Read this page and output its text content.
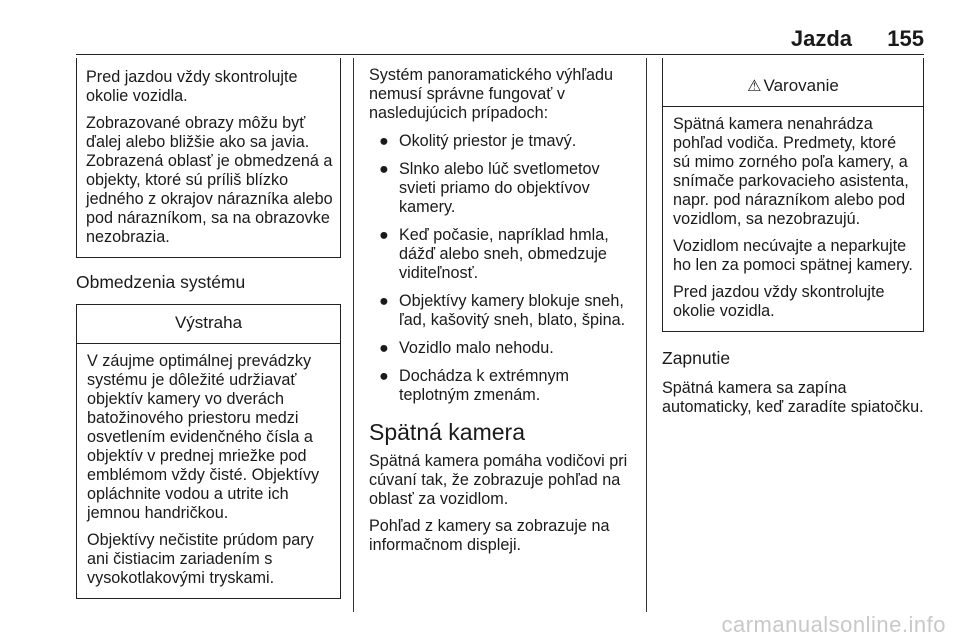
Jazda 155

Pred jazdou vždy skontrolujte okolie vozidla.

Zobrazované obrazy môžu byť ďalej alebo bližšie ako sa javia. Zobrazená oblasť je obmedzená a objekty, ktoré sú príliš blízko jedného z okrajov nárazníka alebo pod nárazníkom, sa na obrazovke nezobrazia.

Obmedzenia systému
Výstraha

V záujme optimálnej prevádzky systému je dôležité udržiavať objektív kamery vo dverách batožinového priestoru medzi osvetlením evidenčného čísla a objektív v prednej mriežke pod emblémom vždy čisté. Objektívy opláchnite vodou a utrite ich jemnou handričkou.

Objektívy nečistite prúdom pary ani čistiacim zariadením s vysokotlakovými tryskami.

Systém panoramatického výhľadu nemusí správne fungovať v nasledujúcich prípadoch:

● Okolitý priestor je tmavý.
● Slnko alebo lúč svetlometov svieti priamo do objektívov kamery.
● Keď počasie, napríklad hmla, dážď alebo sneh, obmedzuje viditeľnosť.
● Objektívy kamery blokuje sneh, ľad, kašovitý sneh, blato, špina.
● Vozidlo malo nehodu.
● Dochádza k extrémnym teplotným zmenám.
Spätná kamera

Spätná kamera pomáha vodičovi pri cúvaní tak, že zobrazuje pohľad na oblasť za vozidlom.

Pohľad z kamery sa zobrazuje na informačnom displeji.

⚠ Varovanie

Spätná kamera nenahrádza pohľad vodiča. Predmety, ktoré sú mimo zorného poľa kamery, a snímače parkovacieho asistenta, napr. pod nárazníkom alebo pod vozidlom, sa nezobrazujú.

Vozidlom necúvajte a neparkujte ho len za pomoci spätnej kamery.

Pred jazdou vždy skontrolujte okolie vozidla.

Zapnutie

Spätná kamera sa zapína automaticky, keď zaradíte spiatočku.

carmanualsonline.info
